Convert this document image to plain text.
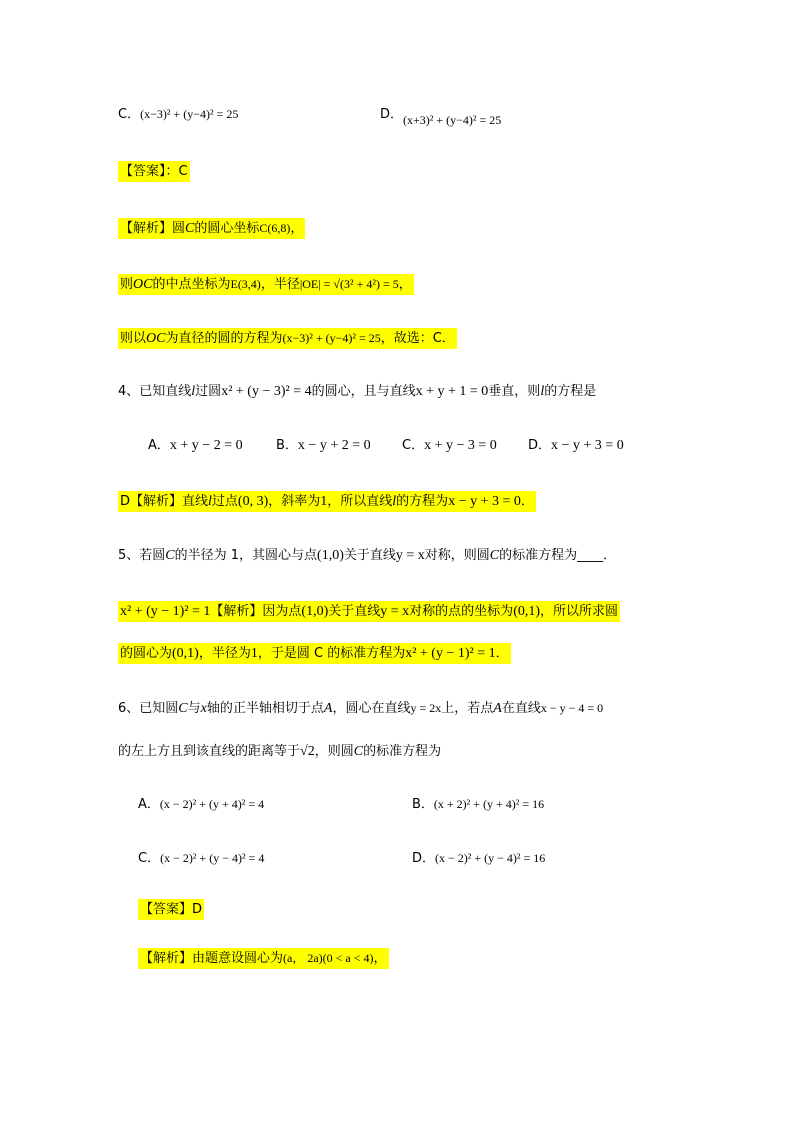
C．(x−3)² + (y−4)² = 25	D．(x+3)² + (y−4)² = 25
【答案】：C
【解析】圆C的圆心坐标C(6,8)，
则OC的中点坐标为E(3,4)，半径|OE| = √(3² + 4²) = 5，
则以OC为直径的圆的方程为(x−3)² + (y−4)² = 25，故选：C．
4、已知直线l过圆x² + (y − 3)² = 4的圆心，且与直线x + y + 1 = 0垂直，则l的方程是
A．x + y − 2 = 0	B．x − y + 2 = 0 C．x + y − 3 = 0 D．x − y + 3 = 0
D【解析】直线l过点(0, 3)，斜率为1，所以直线l的方程为x − y + 3 = 0．
5、若圆C的半径为 1，其圆心与点(1,0)关于直线y = x对称，则圆C的标准方程为____．
x² + (y − 1)² = 1【解析】因为点(1,0)关于直线y = x对称的点的坐标为(0,1)，所以所求圆
的圆心为(0,1)，半径为1，于是圆 C 的标准方程为x² + (y − 1)² = 1．
6、已知圆C与x轴的正半轴相切于点A，圆心在直线y = 2x上，若点A在直线x − y − 4 = 0
的左上方且到该直线的距离等于√2，则圆C的标准方程为
A．(x − 2)² + (y + 4)² = 4	B．(x + 2)² + (y + 4)² = 16
C．(x − 2)² + (y − 4)² = 4	D．(x − 2)² + (y − 4)² = 16
【答案】D
【解析】由题意设圆心为(a， 2a)(0 < a < 4)，
